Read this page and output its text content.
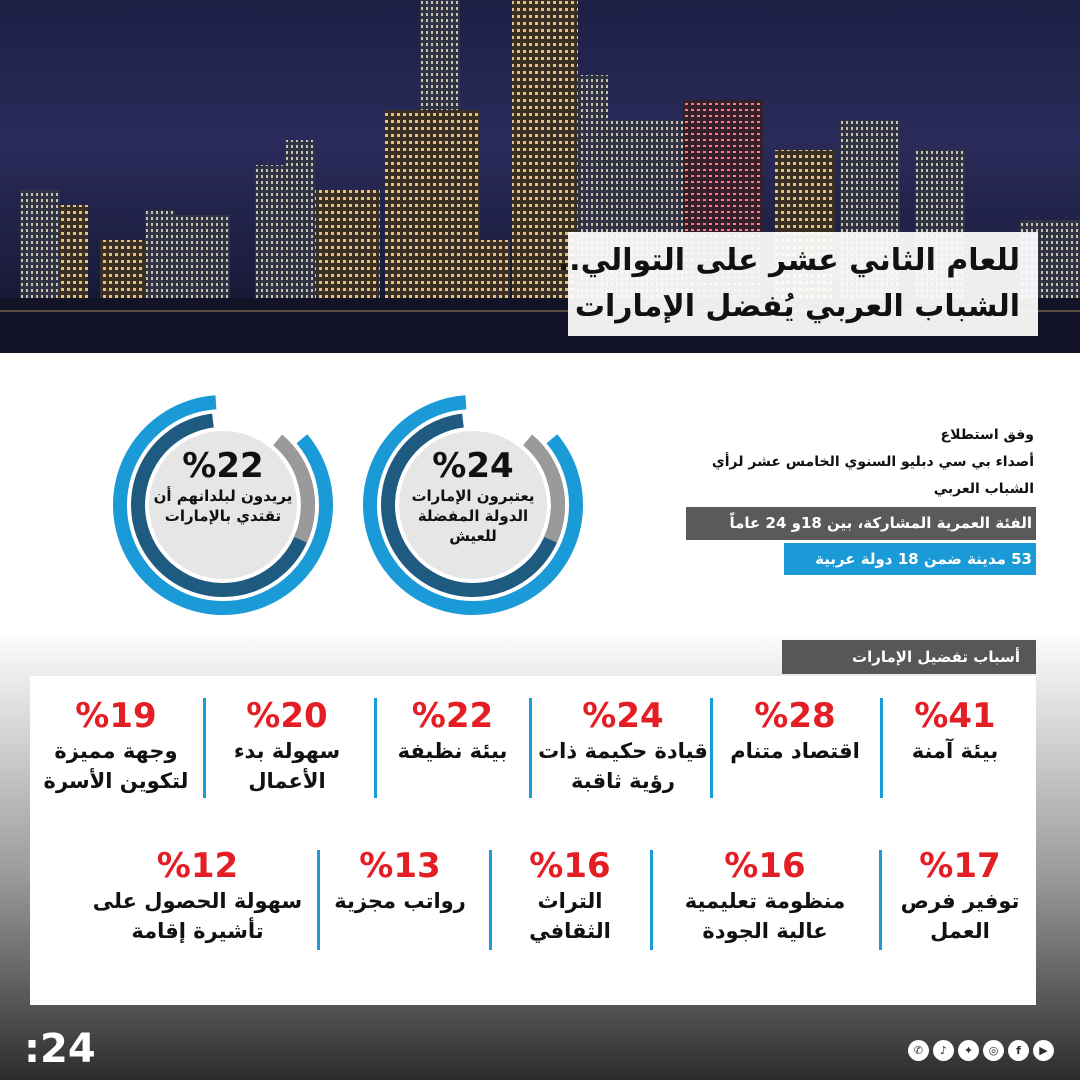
للعام الثاني عشر على التوالي..
الشباب العربي يُفضل الإمارات
%24
يعتبرون الإمارات الدولة المفضلة للعيش
%22
يريدون لبلدانهم أن تقتدي بالإمارات
وفق استطلاع
أصداء بي سي دبليو السنوي الخامس عشر لرأي
الشباب العربي
الفئة العمرية المشاركة، بين 18و 24 عاماً
53 مدينة ضمن 18 دولة عربية
أسباب تفضيل الإمارات
%41
بيئة آمنة
%28
اقتصاد متنام
%24
قيادة حكيمة ذات رؤية ثاقبة
%22
بيئة نظيفة
%20
سهولة بدء الأعمال
%19
وجهة مميزة لتكوين الأسرة
%17
توفير فرص العمل
%16
منظومة تعليمية عالية الجودة
%16
التراث الثقافي
%13
رواتب مجزية
%12
سهولة الحصول على تأشيرة إقامة
:24	✆	♪	✦	◎	f	▶
